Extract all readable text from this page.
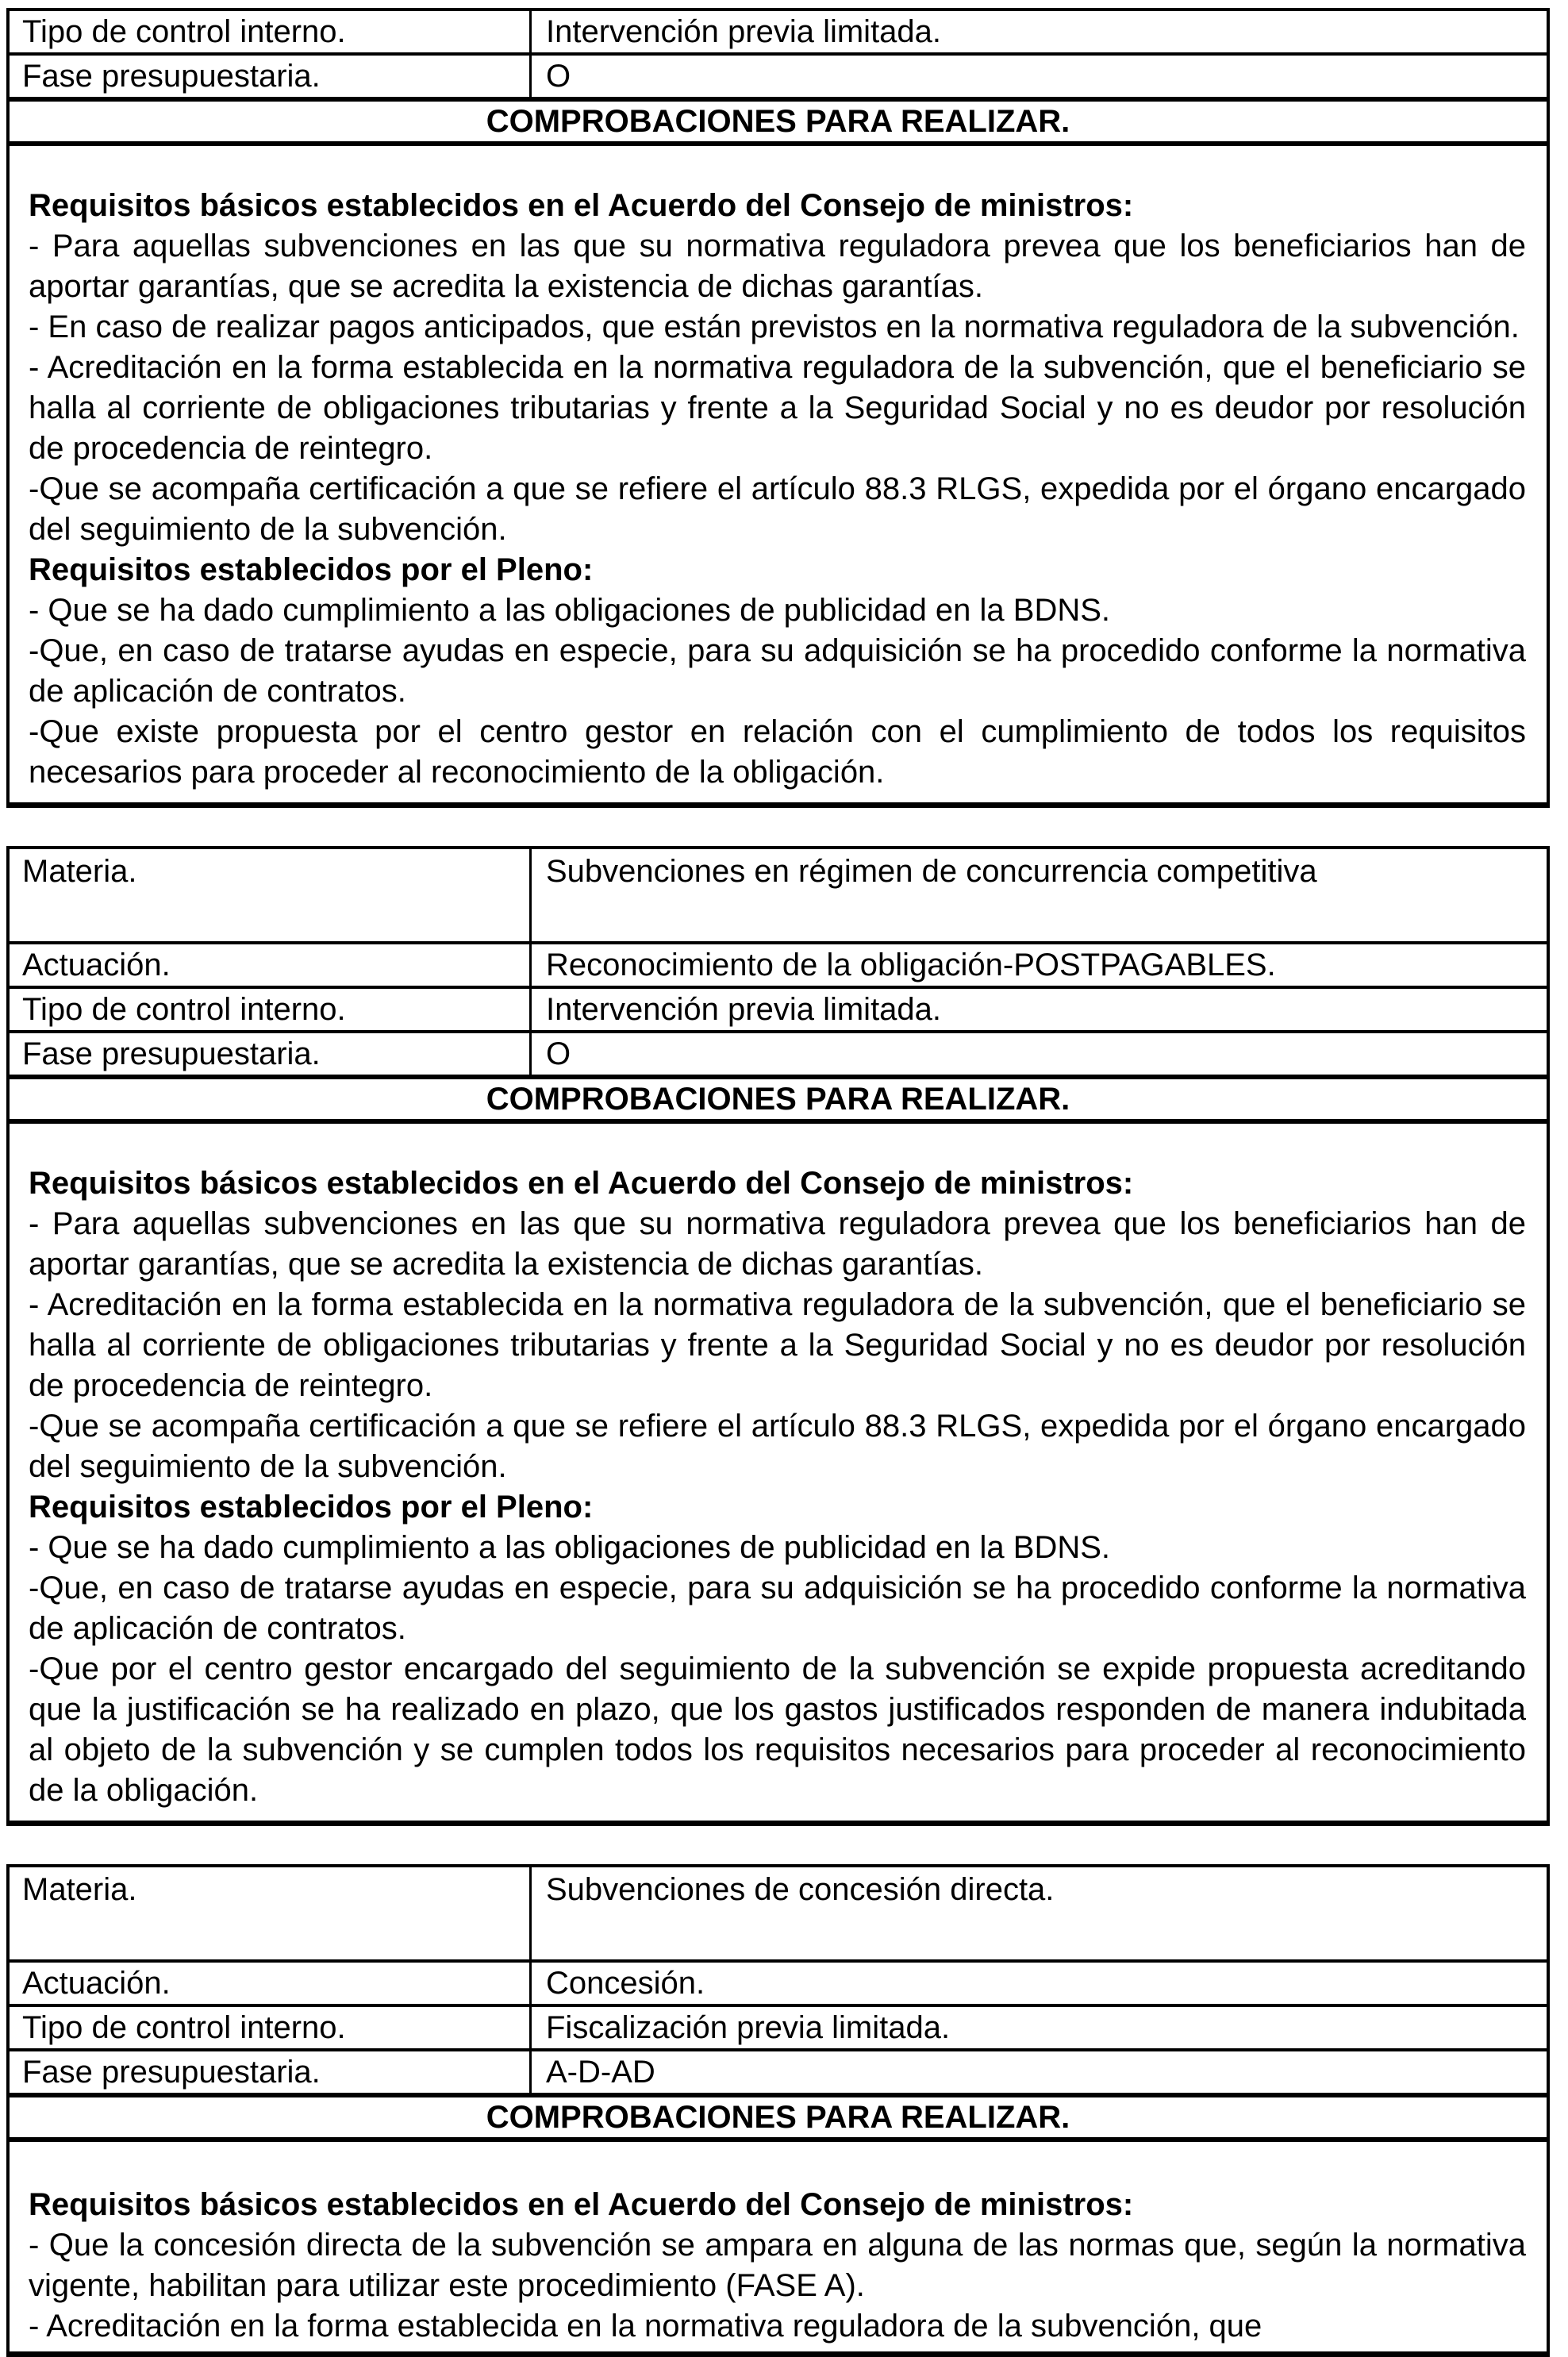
Tipo de control interno.	Intervención previa limitada.
Fase presupuestaria.	O
COMPROBACIONES PARA REALIZAR.

Requisitos básicos establecidos en el Acuerdo del Consejo de ministros:

- Para aquellas subvenciones en las que su normativa reguladora prevea que los beneficiarios han de aportar garantías, que se acredita la existencia de dichas garantías.

- En caso de realizar pagos anticipados, que están previstos en la normativa reguladora de la subvención.

- Acreditación en la forma establecida en la normativa reguladora de la subvención, que el beneficiario se halla al corriente de obligaciones tributarias y frente a la Seguridad Social y no es deudor por resolución de procedencia de reintegro.

-Que se acompaña certificación a que se refiere el artículo 88.3 RLGS, expedida por el órgano encargado del seguimiento de la subvención.

Requisitos establecidos por el Pleno:

- Que se ha dado cumplimiento a las obligaciones de publicidad en la BDNS.

-Que, en caso de tratarse ayudas en especie, para su adquisición se ha procedido conforme la normativa de aplicación de contratos.

-Que existe propuesta por el centro gestor en relación con el cumplimiento de todos los requisitos necesarios para proceder al reconocimiento de la obligación.

Materia.	Subvenciones en régimen de concurrencia competitiva
Actuación.	Reconocimiento de la obligación-POSTPAGABLES.
Tipo de control interno.	Intervención previa limitada.
Fase presupuestaria.	O
COMPROBACIONES PARA REALIZAR.

Requisitos básicos establecidos en el Acuerdo del Consejo de ministros:

- Para aquellas subvenciones en las que su normativa reguladora prevea que los beneficiarios han de aportar garantías, que se acredita la existencia de dichas garantías.

- Acreditación en la forma establecida en la normativa reguladora de la subvención, que el beneficiario se halla al corriente de obligaciones tributarias y frente a la Seguridad Social y no es deudor por resolución de procedencia de reintegro.

-Que se acompaña certificación a que se refiere el artículo 88.3 RLGS, expedida por el órgano encargado del seguimiento de la subvención.

Requisitos establecidos por el Pleno:

- Que se ha dado cumplimiento a las obligaciones de publicidad en la BDNS.

-Que, en caso de tratarse ayudas en especie, para su adquisición se ha procedido conforme la normativa de aplicación de contratos.

-Que por el centro gestor encargado del seguimiento de la subvención se expide propuesta acreditando que la justificación se ha realizado en plazo, que los gastos justificados responden de manera indubitada al objeto de la subvención y se cumplen todos los requisitos necesarios para proceder al reconocimiento de la obligación.

Materia.	Subvenciones de concesión directa.
Actuación.	Concesión.
Tipo de control interno.	Fiscalización previa limitada.
Fase presupuestaria.	A-D-AD
COMPROBACIONES PARA REALIZAR.

Requisitos básicos establecidos en el Acuerdo del Consejo de ministros:

- Que la concesión directa de la subvención se ampara en alguna de las normas que, según la normativa vigente, habilitan para utilizar este procedimiento (FASE A).

- Acreditación en la forma establecida en la normativa reguladora de la subvención, que
